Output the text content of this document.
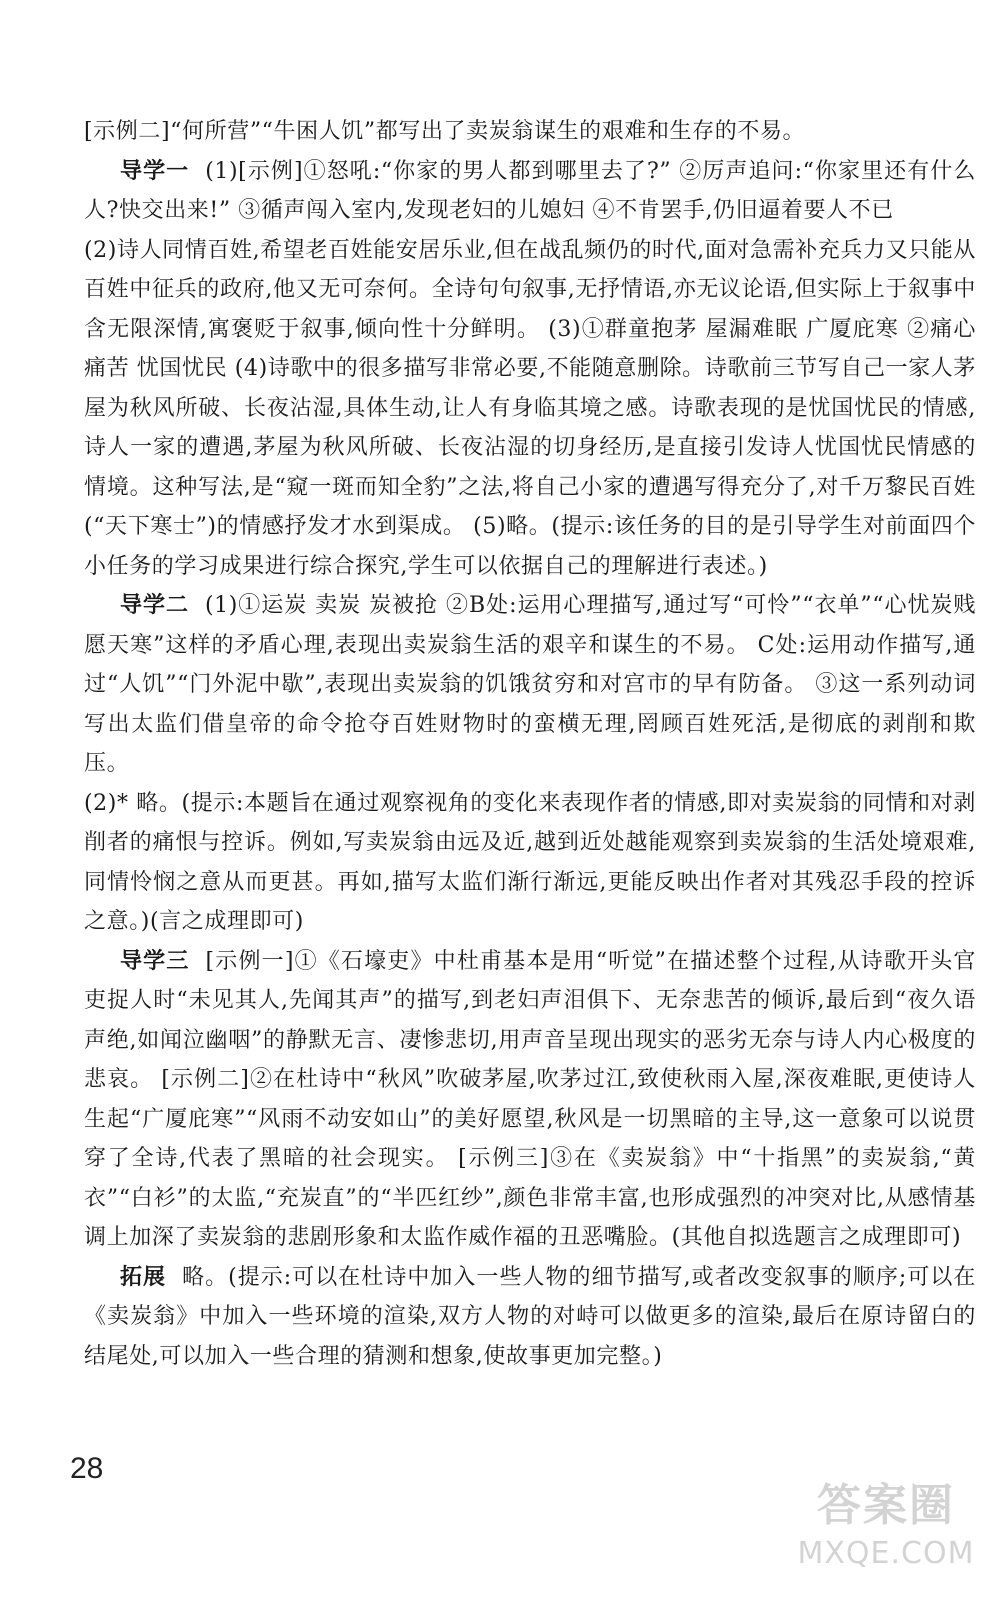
[示例二]“何所营”“牛困人饥”都写出了卖炭翁谋生的艰难和生存的不易。

导学一 (1)[示例]①怒吼:“你家的男人都到哪里去了?” ②厉声追问:“你家里还有什么人?快交出来!” ③循声闯入室内,发现老妇的儿媳妇 ④不肯罢手,仍旧逼着要人不已

(2)诗人同情百姓,希望老百姓能安居乐业,但在战乱频仍的时代,面对急需补充兵力又只能从百姓中征兵的政府,他又无可奈何。全诗句句叙事,无抒情语,亦无议论语,但实际上于叙事中含无限深情,寓褒贬于叙事,倾向性十分鲜明。 (3)①群童抱茅 屋漏难眠 广厦庇寒 ②痛心 痛苦 忧国忧民 (4)诗歌中的很多描写非常必要,不能随意删除。诗歌前三节写自己一家人茅屋为秋风所破、长夜沾湿,具体生动,让人有身临其境之感。诗歌表现的是忧国忧民的情感,诗人一家的遭遇,茅屋为秋风所破、长夜沾湿的切身经历,是直接引发诗人忧国忧民情感的情境。这种写法,是“窥一斑而知全豹”之法,将自己小家的遭遇写得充分了,对千万黎民百姓(“天下寒士”)的情感抒发才水到渠成。 (5)略。(提示:该任务的目的是引导学生对前面四个小任务的学习成果进行综合探究,学生可以依据自己的理解进行表述。)

导学二 (1)①运炭 卖炭 炭被抢 ②B处:运用心理描写,通过写“可怜”“衣单”“心忧炭贱愿天寒”这样的矛盾心理,表现出卖炭翁生活的艰辛和谋生的不易。 C处:运用动作描写,通过“人饥”“门外泥中歇”,表现出卖炭翁的饥饿贫穷和对宫市的早有防备。 ③这一系列动词写出太监们借皇帝的命令抢夺百姓财物时的蛮横无理,罔顾百姓死活,是彻底的剥削和欺压。

(2)* 略。(提示:本题旨在通过观察视角的变化来表现作者的情感,即对卖炭翁的同情和对剥削者的痛恨与控诉。例如,写卖炭翁由远及近,越到近处越能观察到卖炭翁的生活处境艰难,同情怜悯之意从而更甚。再如,描写太监们渐行渐远,更能反映出作者对其残忍手段的控诉之意。)(言之成理即可)

导学三 [示例一]①《石壕吏》中杜甫基本是用“听觉”在描述整个过程,从诗歌开头官吏捉人时“未见其人,先闻其声”的描写,到老妇声泪俱下、无奈悲苦的倾诉,最后到“夜久语声绝,如闻泣幽咽”的静默无言、凄惨悲切,用声音呈现出现实的恶劣无奈与诗人内心极度的悲哀。 [示例二]②在杜诗中“秋风”吹破茅屋,吹茅过江,致使秋雨入屋,深夜难眠,更使诗人生起“广厦庇寒”“风雨不动安如山”的美好愿望,秋风是一切黑暗的主导,这一意象可以说贯穿了全诗,代表了黑暗的社会现实。 [示例三]③在《卖炭翁》中“十指黑”的卖炭翁,“黄衣”“白衫”的太监,“充炭直”的“半匹红纱”,颜色非常丰富,也形成强烈的冲突对比,从感情基调上加深了卖炭翁的悲剧形象和太监作威作福的丑恶嘴脸。(其他自拟选题言之成理即可)

拓展 略。(提示:可以在杜诗中加入一些人物的细节描写,或者改变叙事的顺序;可以在《卖炭翁》中加入一些环境的渲染,双方人物的对峙可以做更多的渲染,最后在原诗留白的结尾处,可以加入一些合理的猜测和想象,使故事更加完整。)

28
答案圈
MXQE.COM
